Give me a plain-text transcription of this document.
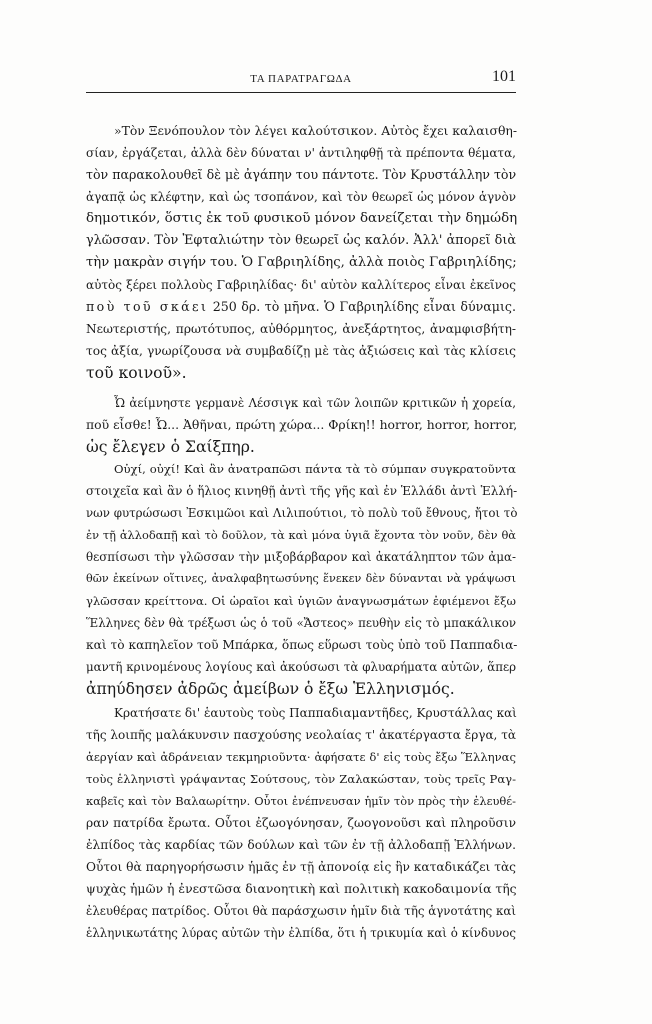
ΤΑ ΠΑΡΑΤΡΑΓΩΔΑ	101
»Τὸν Ξενόπουλον τὸν λέγει καλούτσικον. Αὐτὸς ἔχει καλαισθη-
σίαν, ἐργάζεται, ἀλλὰ δὲν δύναται ν' ἀντιληφθῇ τὰ πρέποντα θέματα,
τὸν παρακολουθεῖ δὲ μὲ ἀγάπην του πάντοτε. Τὸν Κρυστάλλην τὸν
ἀγαπᾷ ὡς κλέφτην, καὶ ὡς τσοπάνον, καὶ τὸν θεωρεῖ ὡς μόνον ἁγνὸν
δημοτικόν, ὅστις ἐκ τοῦ φυσικοῦ μόνον δανείζεται τὴν δημώδη
γλῶσσαν. Τὸν Ἐφταλιώτην τὸν θεωρεῖ ὡς καλόν. Ἀλλ' ἀπορεῖ διὰ
τὴν μακρὰν σιγήν του. Ὁ Γαβριηλίδης, ἀλλὰ ποιὸς Γαβριηλίδης;
αὐτὸς ξέρει πολλοὺς Γαβριηλίδας· δι' αὐτὸν καλλίτερος εἶναι ἐκεῖνος
ποὺ τοῦ σκάει 250 δρ. τὸ μῆνα. Ὁ Γαβριηλίδης εἶναι δύναμις.
Νεωτεριστής, πρωτότυπος, αὐθόρμητος, ἀνεξάρτητος, ἀναμφισβήτη-
τος ἀξία, γνωρίζουσα νὰ συμβαδίζῃ μὲ τὰς ἀξιώσεις καὶ τὰς κλίσεις
τοῦ κοινοῦ».
Ὦ ἀείμνηστε γερμανὲ Λέσσιγκ καὶ τῶν λοιπῶν κριτικῶν ἡ χορεία,
ποῦ εἶσθε! Ὦ... Ἀθῆναι, πρώτη χώρα... Φρίκη!! horror, horror, horror,
ὡς ἔλεγεν ὁ Σαίξπηρ.
Οὐχί, οὐχί! Καὶ ἂν ἀνατραπῶσι πάντα τὰ τὸ σύμπαν συγκρατοῦντα
στοιχεῖα καὶ ἂν ὁ ἥλιος κινηθῇ ἀντὶ τῆς γῆς καὶ ἐν Ἑλλάδι ἀντὶ Ἑλλή-
νων φυτρώσωσι Ἐσκιμῶοι καὶ Λιλιπούτιοι, τὸ πολὺ τοῦ ἔθνους, ἤτοι τὸ
ἐν τῇ ἀλλοδαπῇ καὶ τὸ δοῦλον, τὰ καὶ μόνα ὑγιᾶ ἔχοντα τὸν νοῦν, δὲν θὰ
θεσπίσωσι τὴν γλῶσσαν τὴν μιξοβάρβαρον καὶ ἀκατάληπτον τῶν ἀμα-
θῶν ἐκείνων οἵτινες, ἀναλφαβητωσύνης ἕνεκεν δὲν δύνανται νὰ γράψωσι
γλῶσσαν κρείττονα. Οἱ ὡραῖοι καὶ ὑγιῶν ἀναγνωσμάτων ἐφιέμενοι ἔξω
Ἕλληνες δὲν θὰ τρέξωσι ὡς ὁ τοῦ «Ἄστεος» πευθὴν εἰς τὸ μπακάλικον
καὶ τὸ καπηλεῖον τοῦ Μπάρκα, ὅπως εὕρωσι τοὺς ὑπὸ τοῦ Παππαδια-
μαντῆ κρινομένους λογίους καὶ ἀκούσωσι τὰ φλυαρήματα αὐτῶν, ἅπερ
ἀπηύδησεν ἀδρῶς ἀμείβων ὁ ἔξω Ἑλληνισμός.
Κρατήσατε δι' ἑαυτοὺς τοὺς Παππαδιαμαντῆδες, Κρυστάλλας καὶ
τῆς λοιπῆς μαλάκυνσιν πασχούσης νεολαίας τ' ἀκατέργαστα ἔργα, τὰ
ἀεργίαν καὶ ἀδράνειαν τεκμηριοῦντα· ἀφήσατε δ' εἰς τοὺς ἔξω Ἕλληνας
τοὺς ἑλληνιστὶ γράψαντας Σούτσους, τὸν Ζαλακώσταν, τοὺς τρεῖς Ραγ-
καβεῖς καὶ τὸν Βαλαωρίτην. Οὗτοι ἐνέπνευσαν ἡμῖν τὸν πρὸς τὴν ἐλευθέ-
ραν πατρίδα ἔρωτα. Οὗτοι ἐζωογόνησαν, ζωογονοῦσι καὶ πληροῦσιν
ἐλπίδος τὰς καρδίας τῶν δούλων καὶ τῶν ἐν τῇ ἀλλοδαπῇ Ἑλλήνων.
Οὗτοι θὰ παρηγορήσωσιν ἡμᾶς ἐν τῇ ἀπονοίᾳ εἰς ἣν καταδικάζει τὰς
ψυχὰς ἡμῶν ἡ ἐνεστῶσα διανοητικὴ καὶ πολιτικὴ κακοδαιμονία τῆς
ἐλευθέρας πατρίδος. Οὗτοι θὰ παράσχωσιν ἡμῖν διὰ τῆς ἁγνοτάτης καὶ
ἑλληνικωτάτης λύρας αὐτῶν τὴν ἐλπίδα, ὅτι ἡ τρικυμία καὶ ὁ κίνδυνος
